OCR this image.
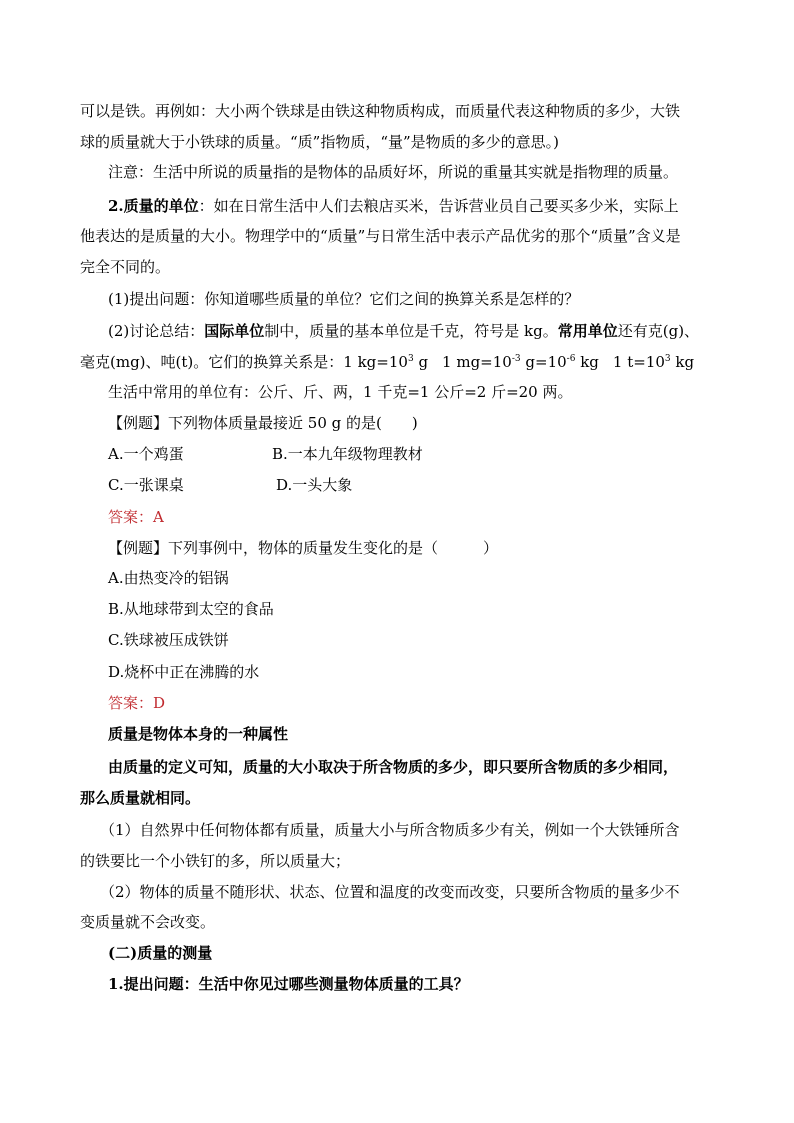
可以是铁。再例如：大小两个铁球是由铁这种物质构成，而质量代表这种物质的多少，大铁
球的质量就大于小铁球的质量。“质”指物质，“量”是物质的多少的意思。)
注意：生活中所说的质量指的是物体的品质好坏，所说的重量其实就是指物理的质量。
2.质量的单位：如在日常生活中人们去粮店买米，告诉营业员自己要买多少米，实际上
他表达的是质量的大小。物理学中的“质量”与日常生活中表示产品优劣的那个“质量”含义是
完全不同的。
(1)提出问题：你知道哪些质量的单位？它们之间的换算关系是怎样的？
(2)讨论总结：国际单位制中，质量的基本单位是千克，符号是 kg。常用单位还有克(g)、
毫克(mg)、吨(t)。它们的换算关系是：1 $kg=10^3$ g 1 $mg=10^{-3}$ $g=10^{-6}$ kg 1 $t=10^3$ kg
生活中常用的单位有：公斤、斤、两，1 千克=1 公斤=2 斤=20 两。
【例题】下列物体质量最接近 50 g 的是(　　)
A.一个鸡蛋	B.一本九年级物理教材
C.一张课桌	D.一头大象
答案：A
【例题】下列事例中，物体的质量发生变化的是（　　　）
A.由热变冷的铝锅
B.从地球带到太空的食品
C.铁球被压成铁饼
D.烧杯中正在沸腾的水
答案：D
质量是物体本身的一种属性
由质量的定义可知，质量的大小取决于所含物质的多少，即只要所含物质的多少相同，
那么质量就相同。
（1）自然界中任何物体都有质量，质量大小与所含物质多少有关，例如一个大铁锤所含
的铁要比一个小铁钉的多，所以质量大；
（2）物体的质量不随形状、状态、位置和温度的改变而改变，只要所含物质的量多少不
变质量就不会改变。
(二)质量的测量
1.提出问题：生活中你见过哪些测量物体质量的工具？
